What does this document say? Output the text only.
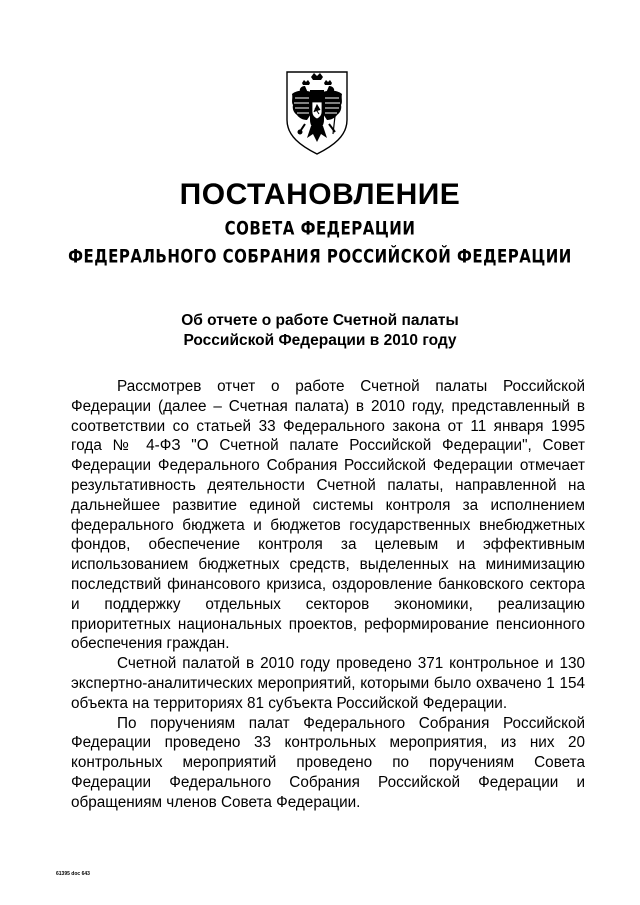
ПОСТАНОВЛЕНИЕ
СОВЕТА ФЕДЕРАЦИИ
ФЕДЕРАЛЬНОГО СОБРАНИЯ РОССИЙСКОЙ ФЕДЕРАЦИИ
Об отчете о работе Счетной палаты
Российской Федерации в 2010 году

Рассмотрев отчет о работе Счетной палаты Российской Федерации (далее – Счетная палата) в 2010 году, представленный в соответствии со статьей 33 Федерального закона от 11 января 1995 года № 4-ФЗ "О Счетной палате Российской Федерации", Совет Федерации Федерального Собрания Российской Федерации отмечает результативность деятельности Счетной палаты, направленной на дальнейшее развитие единой системы контроля за исполнением федерального бюджета и бюджетов государственных внебюджетных фондов, обеспечение контроля за целевым и эффективным использованием бюджетных средств, выделенных на минимизацию последствий финансового кризиса, оздоровление банковского сектора и поддержку отдельных секторов экономики, реализацию приоритетных национальных проектов, реформирование пенсионного обеспечения граждан.

Счетной палатой в 2010 году проведено 371 контрольное и 130 экспертно-аналитических мероприятий, которыми было охвачено 1 154 объекта на территориях 81 субъекта Российской Федерации.

По поручениям палат Федерального Собрания Российской Федерации проведено 33 контрольных мероприятия, из них 20 контрольных мероприятий проведено по поручениям Совета Федерации Федерального Собрания Российской Федерации и обращениям членов Совета Федерации.

61395 doc 643
